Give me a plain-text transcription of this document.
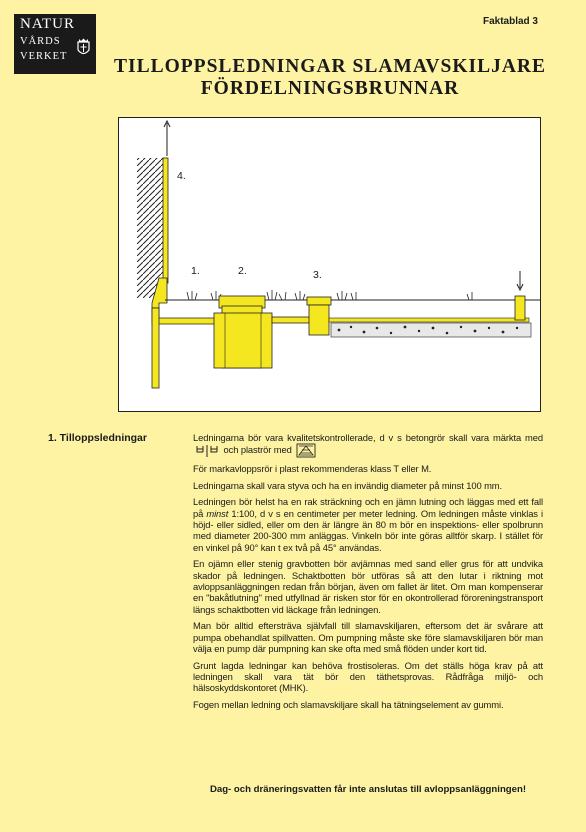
NATUR
VÅRDS
VERKET
Faktablad 3
TILLOPPSLEDNINGAR SLAMAVSKILJARE
FÖRDELNINGSBRUNNAR
4.
1.	2.	3.
1. Tilloppsledningar	Ledningarna bör vara kvalitetskontrollerade, d v s betongrör skall vara märkta med  och plaströr med

För markavloppsrör i plast rekommenderas klass T eller M.

Ledningarna skall vara styva och ha en invändig diameter på minst 100 mm.

Ledningen bör helst ha en rak sträckning och en jämn lutning och läggas med ett fall på minst 1:100, d v s en centimeter per meter ledning. Om ledningen måste vinklas i höjd- eller sidled, eller om den är längre än 80 m bör en inspektions- eller spolbrunn med diameter 200-300 mm anläggas. Vinkeln bör inte göras alltför skarp. I stället för en vinkel på 90° kan t ex två på 45° användas.

En ojämn eller stenig gravbotten bör avjämnas med sand eller grus för att undvika skador på ledningen. Schaktbotten bör utföras så att den lutar i riktning mot avloppsanläggningen redan från början, även om fallet är litet. Om man kompenserar en "bakåtlutning" med utfyllnad är risken stor för en okontrollerad föroreningstransport längs schaktbotten vid läckage från ledningen.

Man bör alltid eftersträva självfall till slamavskiljaren, eftersom det är svårare att pumpa obehandlat spillvatten. Om pumpning måste ske före slamavskiljaren bör man välja en pump där pumpning kan ske ofta med små flöden under kort tid.

Grunt lagda ledningar kan behöva frostisoleras. Om det ställs höga krav på att ledningen skall vara tät bör den täthetsprovas. Rådfråga miljö- och hälsoskyddskontoret (MHK).

Fogen mellan ledning och slamavskiljare skall ha tätningselement av gummi.

Dag- och dräneringsvatten får inte anslutas till avloppsanläggningen!
